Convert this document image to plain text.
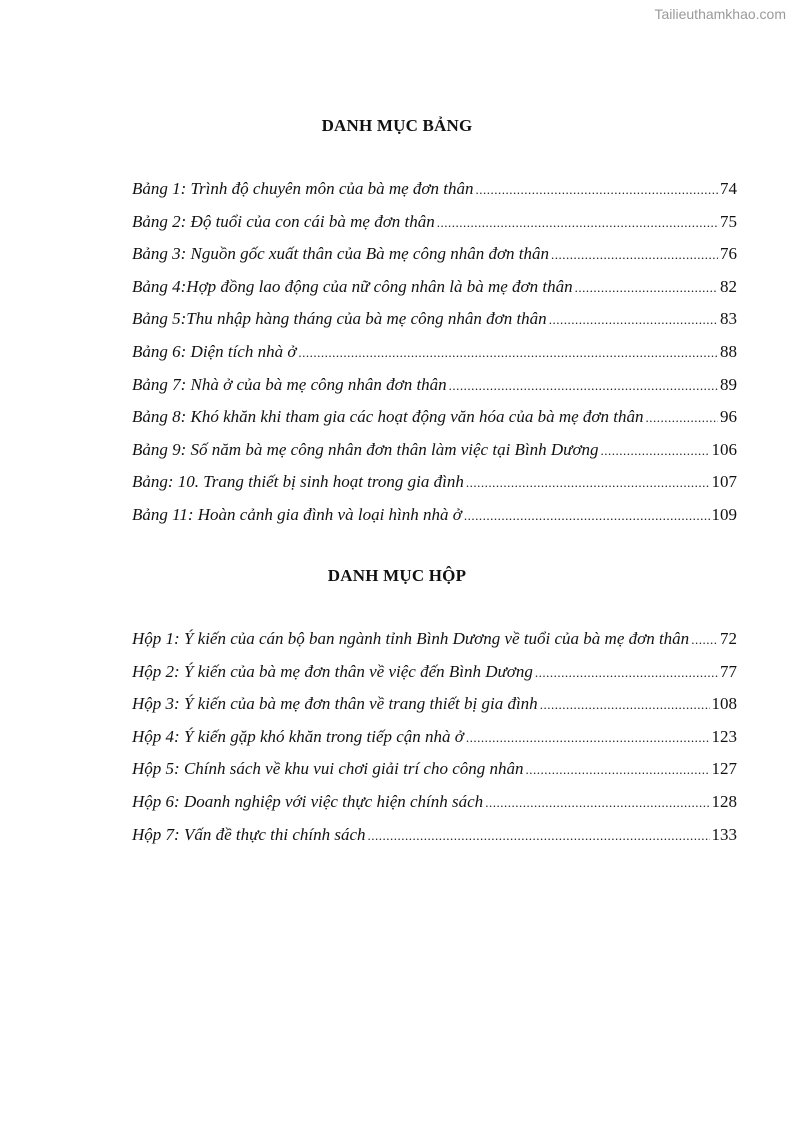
Tailieuthamkhao.com
DANH MỤC BẢNG
Bảng 1: Trình độ chuyên môn của bà mẹ đơn thân .....	74
Bảng 2: Độ tuổi của con cái bà mẹ đơn thân .....	75
Bảng 3: Nguồn gốc xuất thân của Bà mẹ công nhân đơn thân .....	76
Bảng 4:Hợp đồng lao động của nữ công nhân là bà mẹ đơn thân .....	82
Bảng 5:Thu nhập hàng tháng của bà mẹ công nhân đơn thân .....	83
Bảng 6: Diện tích nhà ở .....	88
Bảng 7: Nhà ở của bà mẹ công nhân đơn thân .....	89
Bảng 8: Khó khăn khi tham gia các hoạt động văn hóa của bà mẹ đơn thân .....	96
Bảng 9: Số năm bà mẹ công nhân đơn thân làm việc tại Bình Dương .....	106
Bảng: 10. Trang thiết bị sinh hoạt trong gia đình .....	107
Bảng 11: Hoàn cảnh gia đình và loại hình nhà ở .....	109
DANH MỤC HỘP
Hộp 1: Ý kiến của cán bộ ban ngành tỉnh Bình Dương về tuổi của bà mẹ đơn thân ..... 72
Hộp 2: Ý kiến của bà mẹ đơn thân về việc đến Bình Dương .....	77
Hộp 3: Ý kiến của bà mẹ đơn thân về trang thiết bị gia đình .....	108
Hộp 4: Ý kiến gặp khó khăn trong tiếp cận nhà ở .....	123
Hộp 5: Chính sách về khu vui chơi giải trí cho công nhân .....	127
Hộp 6: Doanh nghiệp với việc thực hiện chính sách .....	128
Hộp 7: Vấn đề thực thi chính sách .....	133
